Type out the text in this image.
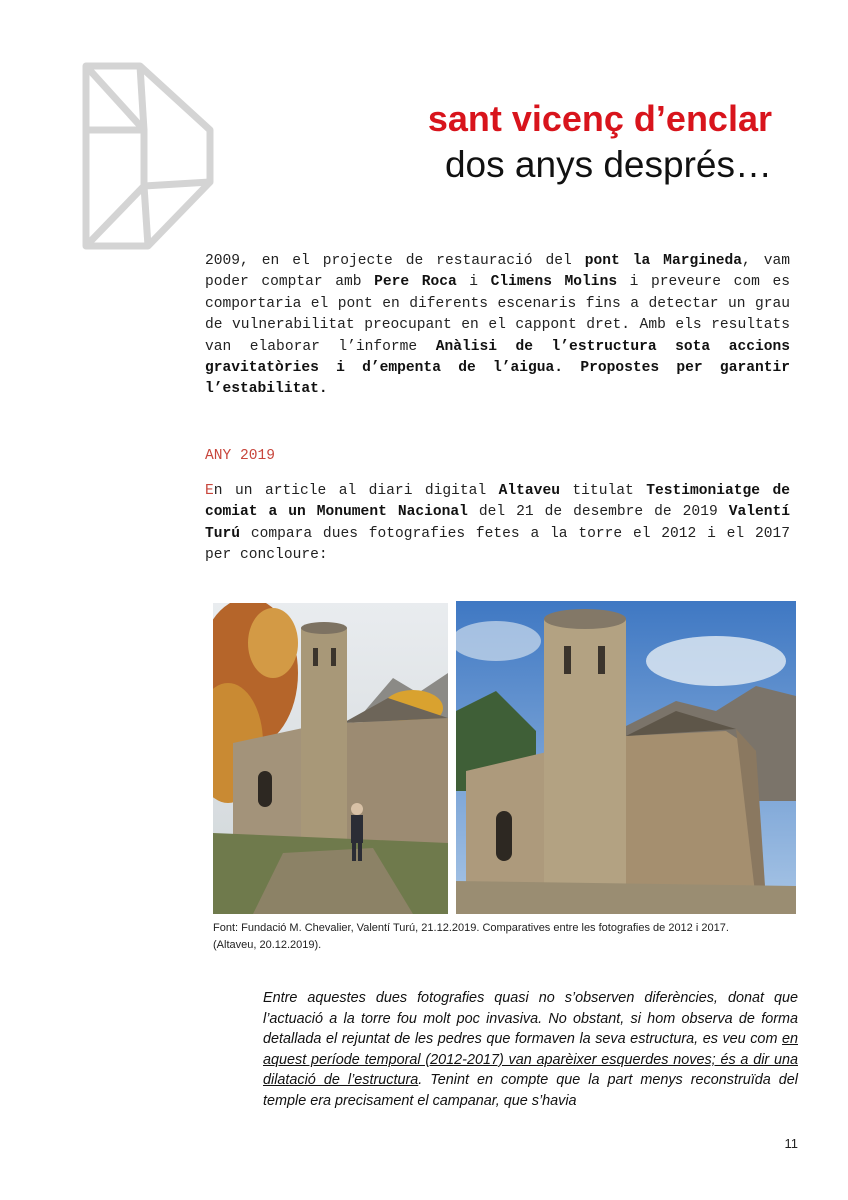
sant vicenç d’enclar
dos anys després…

2009, en el projecte de restauració del pont la Margineda, vam poder comptar amb Pere Roca i Climens Molins i preveure com es comportaria el pont en diferents escenaris fins a detectar un grau de vulnerabilitat preocupant en el cappont dret. Amb els resultats van elaborar l’informe Anàlisi de l’estructura sota accions gravitatòries i d’empenta de l’aigua. Propostes per garantir l’estabilitat.

ANY 2019

En un article al diari digital Altaveu titulat Testimoniatge de comiat a un Monument Nacional del 21 de desembre de 2019 Valentí Turú compara dues fotografies fetes a la torre el 2012 i el 2017 per concloure:

Font: Fundació M. Chevalier, Valentí Turú, 21.12.2019. Comparatives entre les fotografies de 2012 i 2017.
(Altaveu, 20.12.2019).

Entre aquestes dues fotografies quasi no s’observen diferències, donat que l’actuació a la torre fou molt poc invasiva. No obstant, si hom observa de forma detallada el rejuntat de les pedres que formaven la seva estructura, es veu com en aquest període temporal (2012-2017) van aparèixer esquerdes noves; és a dir una dilatació de l’estructura. Tenint en compte que la part menys reconstruïda del temple era precisament el campanar, que s’havia

11
